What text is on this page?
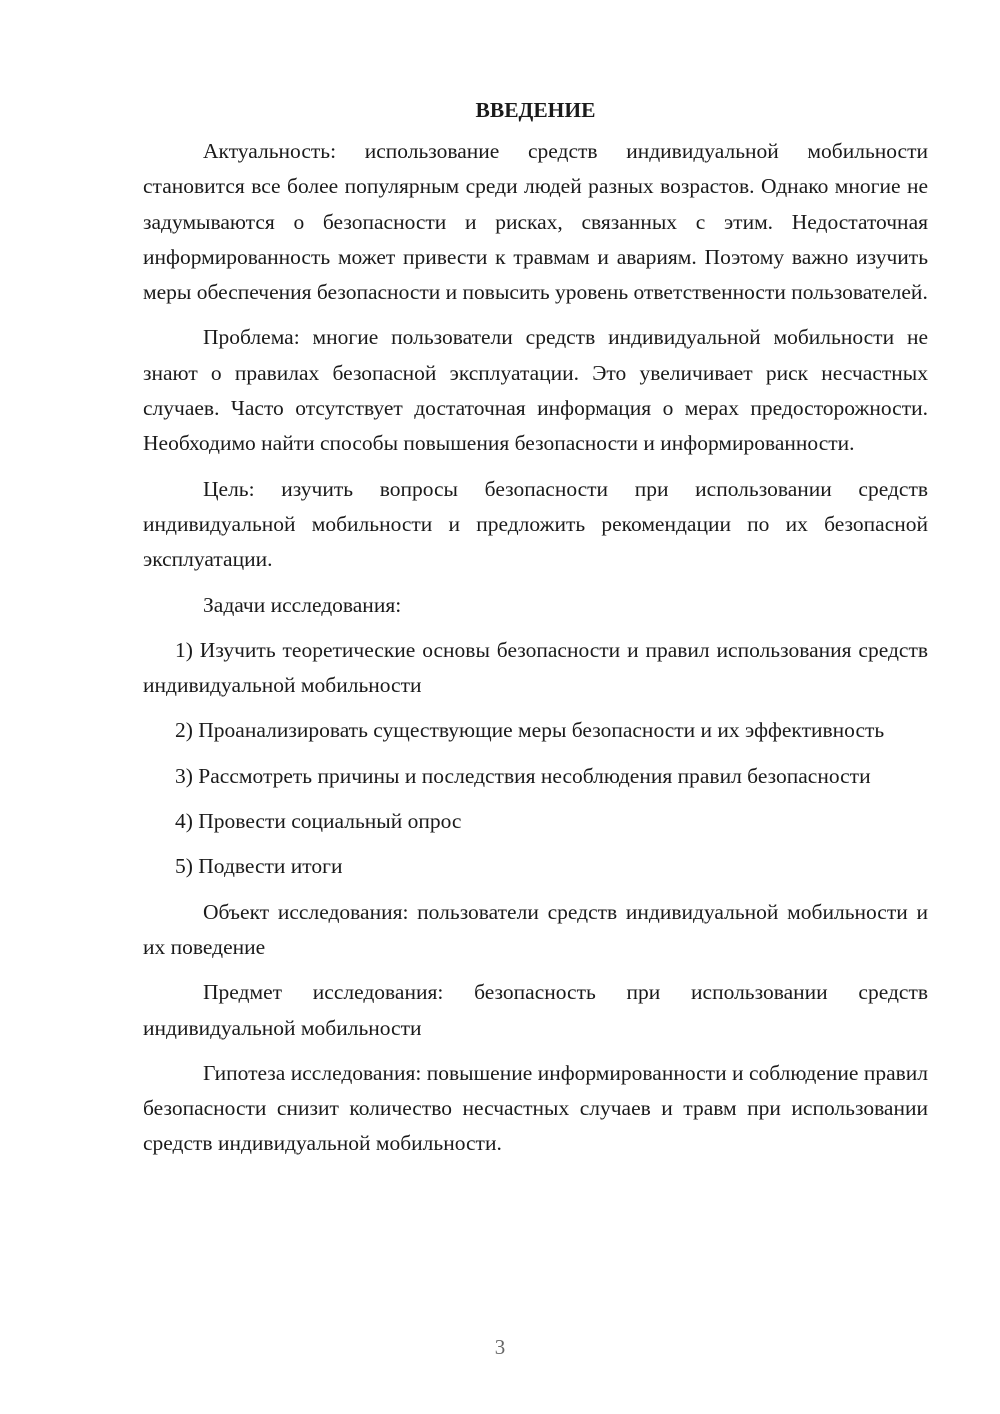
ВВЕДЕНИЕ

Актуальность: использование средств индивидуальной мобильности становится все более популярным среди людей разных возрастов. Однако многие не задумываются о безопасности и рисках, связанных с этим. Недостаточная информированность может привести к травмам и авариям. Поэтому важно изучить меры обеспечения безопасности и повысить уровень ответственности пользователей.

Проблема: многие пользователи средств индивидуальной мобильности не знают о правилах безопасной эксплуатации. Это увеличивает риск несчастных случаев. Часто отсутствует достаточная информация о мерах предосторожности. Необходимо найти способы повышения безопасности и информированности.

Цель: изучить вопросы безопасности при использовании средств индивидуальной мобильности и предложить рекомендации по их безопасной эксплуатации.

Задачи исследования:

1) Изучить теоретические основы безопасности и правил использования средств индивидуальной мобильности

2) Проанализировать существующие меры безопасности и их эффективность

3) Рассмотреть причины и последствия несоблюдения правил безопасности

4) Провести социальный опрос

5) Подвести итоги

Объект исследования: пользователи средств индивидуальной мобильности и их поведение

Предмет исследования: безопасность при использовании средств индивидуальной мобильности

Гипотеза исследования: повышение информированности и соблюдение правил безопасности снизит количество несчастных случаев и травм при использовании средств индивидуальной мобильности.

3
